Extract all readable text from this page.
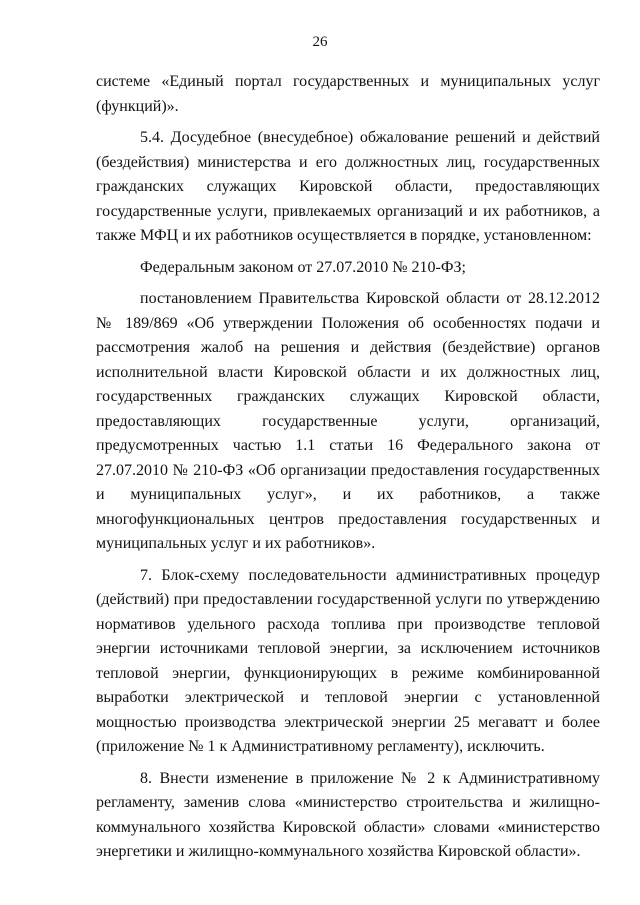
26

системе «Единый портал государственных и муниципальных услуг (функций)».

5.4. Досудебное (внесудебное) обжалование решений и действий (бездействия) министерства и его должностных лиц, государственных гражданских служащих Кировской области, предоставляющих государственные услуги, привлекаемых организаций и их работников, а также МФЦ и их работников осуществляется в порядке, установленном:

Федеральным законом от 27.07.2010 № 210-ФЗ;

постановлением Правительства Кировской области от 28.12.2012 № 189/869 «Об утверждении Положения об особенностях подачи и рассмотрения жалоб на решения и действия (бездействие) органов исполнительной власти Кировской области и их должностных лиц, государственных гражданских служащих Кировской области, предоставляющих государственные услуги, организаций, предусмотренных частью 1.1 статьи 16 Федерального закона от 27.07.2010 № 210-ФЗ «Об организации предоставления государственных и муниципальных услуг», и их работников, а также многофункциональных центров предоставления государственных и муниципальных услуг и их работников».

7. Блок-схему последовательности административных процедур (действий) при предоставлении государственной услуги по утверждению нормативов удельного расхода топлива при производстве тепловой энергии источниками тепловой энергии, за исключением источников тепловой энергии, функционирующих в режиме комбинированной выработки электрической и тепловой энергии с установленной мощностью производства электрической энергии 25 мегаватт и более (приложение № 1 к Административному регламенту), исключить.

8. Внести изменение в приложение № 2 к Административному регламенту, заменив слова «министерство строительства и жилищно-коммунального хозяйства Кировской области» словами «министерство энергетики и жилищно-коммунального хозяйства Кировской области».
